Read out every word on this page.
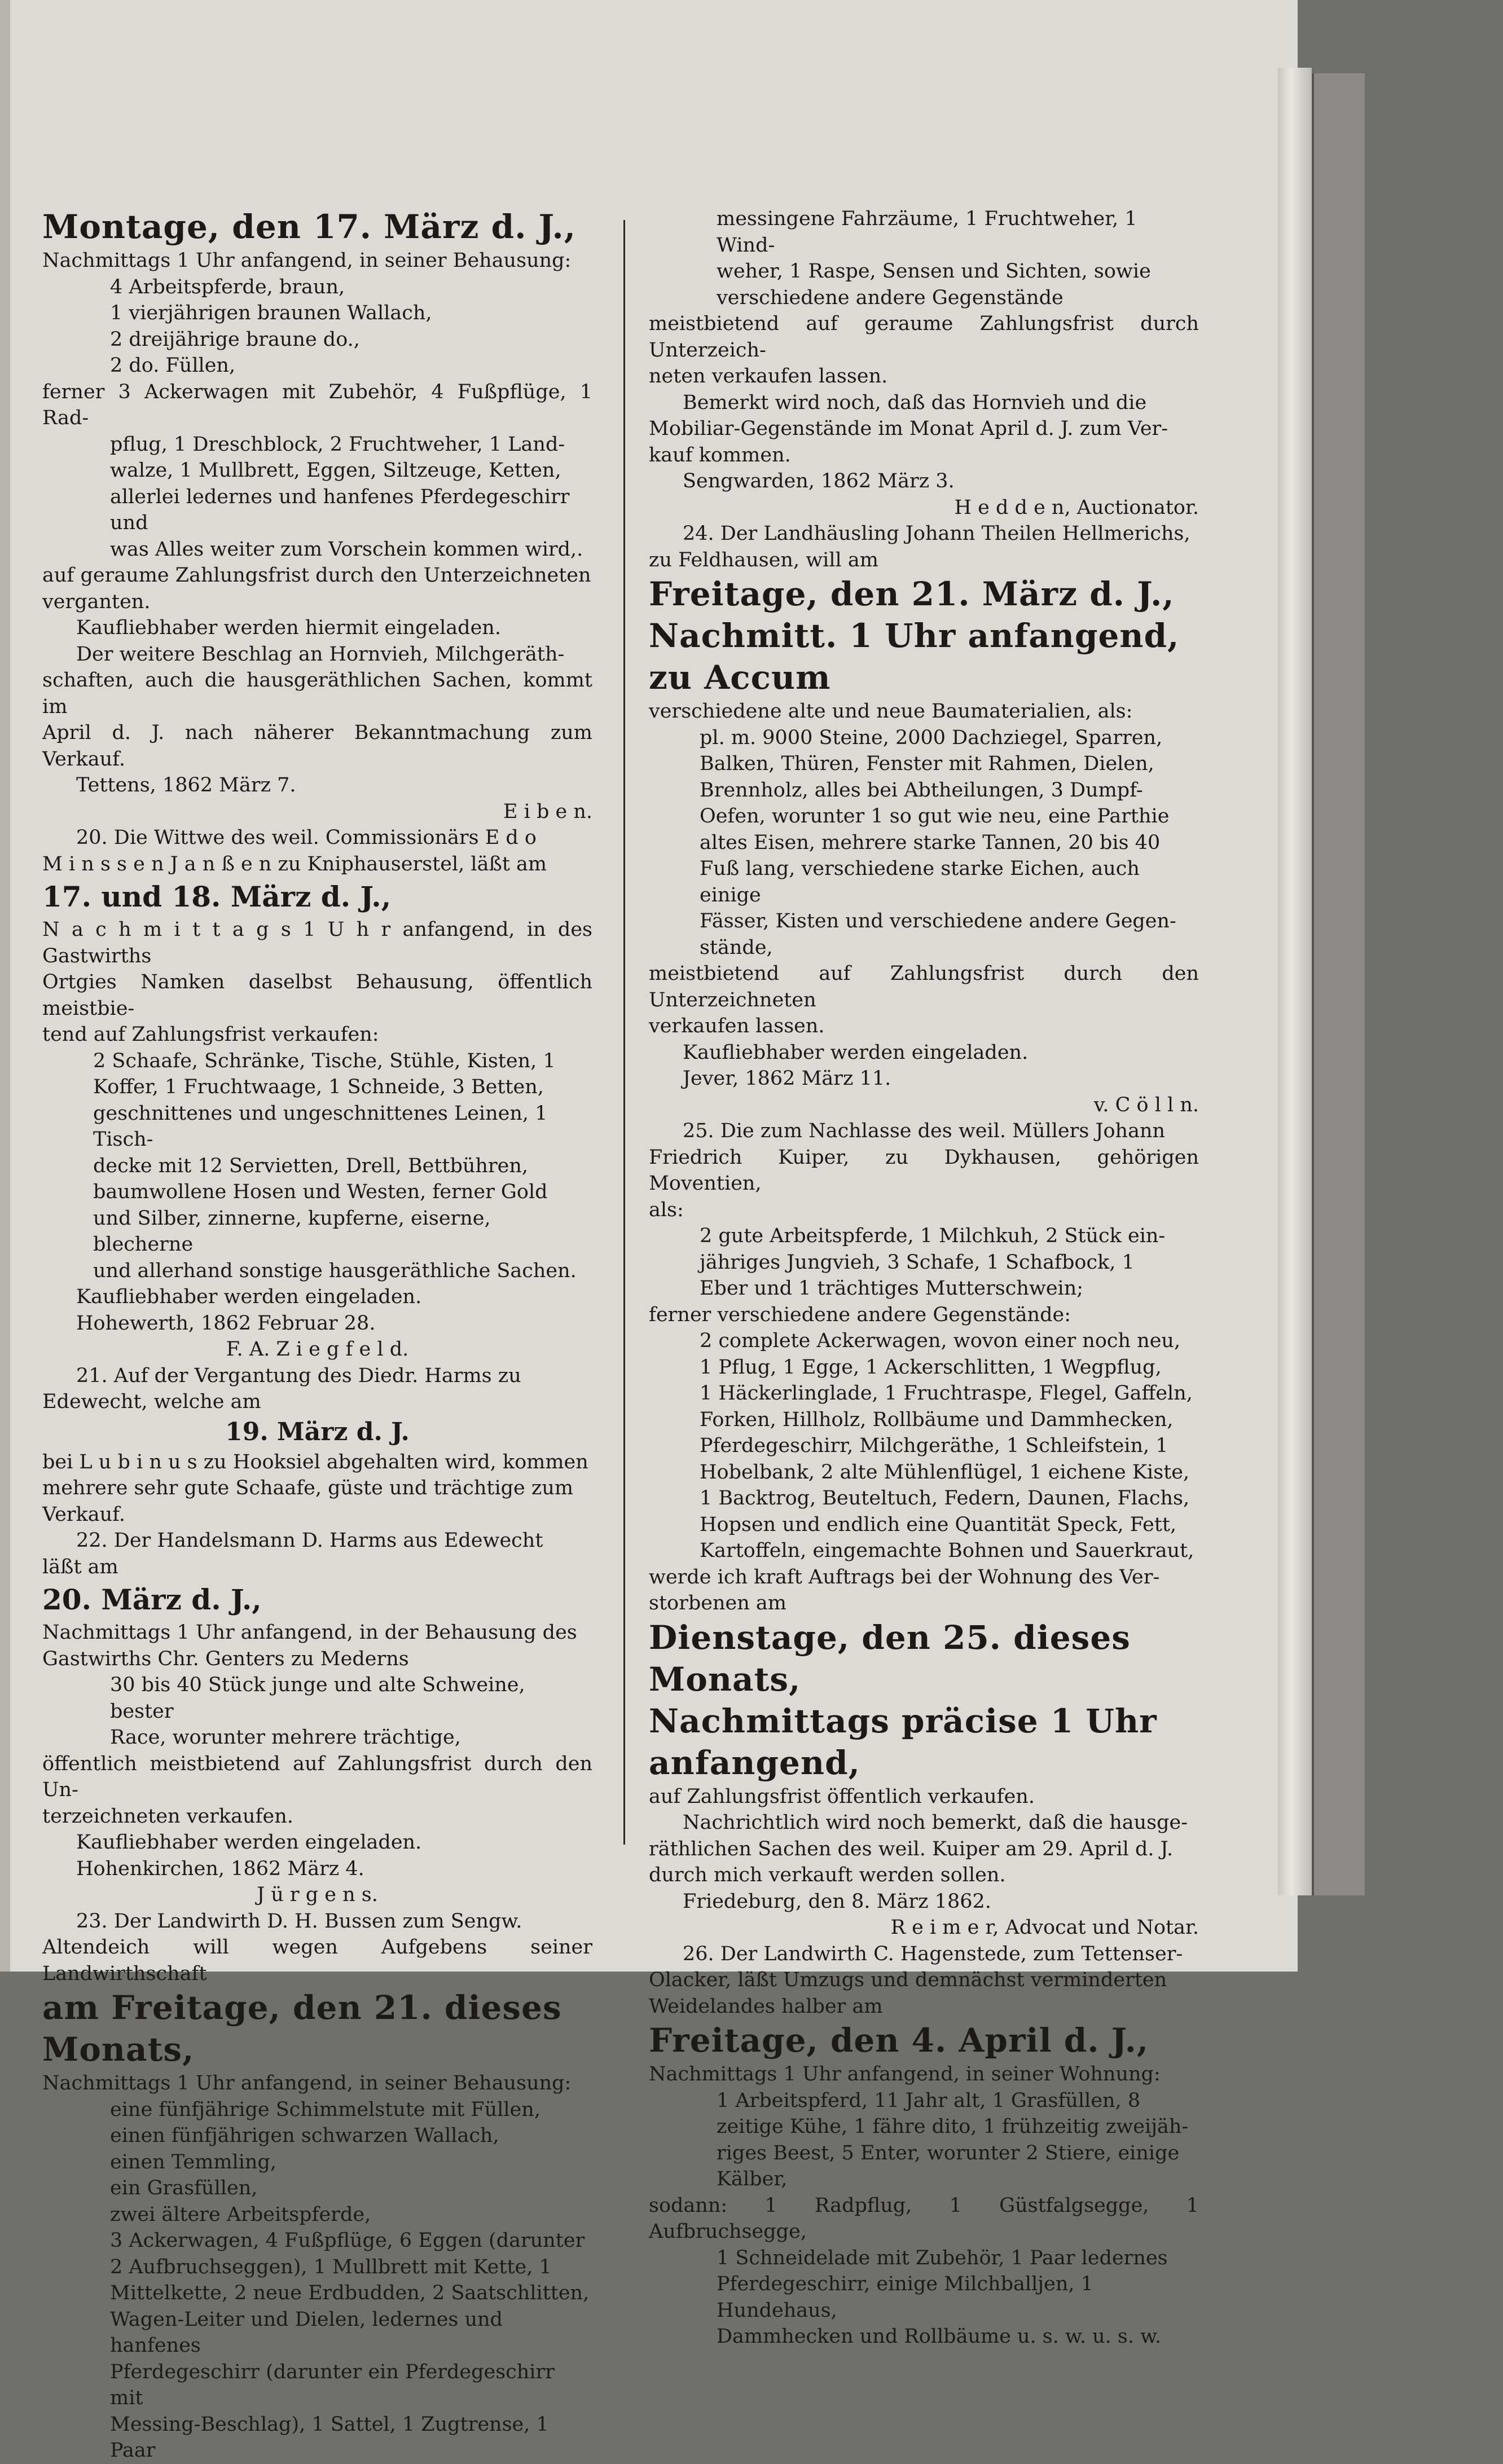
Montage, den 17. März d. J.,

Nachmittags 1 Uhr anfangend, in seiner Behausung:

4 Arbeitspferde, braun,

1 vierjährigen braunen Wallach,

2 dreijährige braune do.,

2 do. Füllen,

ferner 3 Ackerwagen mit Zubehör, 4 Fußpflüge, 1 Rad-

pflug, 1 Dreschblock, 2 Fruchtweher, 1 Land-

walze, 1 Mullbrett, Eggen, Siltzeuge, Ketten,

allerlei ledernes und hanfenes Pferdegeschirr und

was Alles weiter zum Vorschein kommen wird,.

auf geraume Zahlungsfrist durch den Unterzeichneten

verganten.

Kaufliebhaber werden hiermit eingeladen.

Der weitere Beschlag an Hornvieh, Milchgeräth-

schaften, auch die hausgeräthlichen Sachen, kommt im

April d. J. nach näherer Bekanntmachung zum Verkauf.

Tettens, 1862 März 7.

E i b e n.

20. Die Wittwe des weil. Commissionärs E d o

M i n s s e n J a n ß e n zu Kniphauserstel, läßt am

17. und 18. März d. J.,

N a c h m i t t a g s 1 U h r anfangend, in des Gastwirths

Ortgies Namken daselbst Behausung, öffentlich meistbie-

tend auf Zahlungsfrist verkaufen:

2 Schaafe, Schränke, Tische, Stühle, Kisten, 1

Koffer, 1 Fruchtwaage, 1 Schneide, 3 Betten,

geschnittenes und ungeschnittenes Leinen, 1 Tisch-

decke mit 12 Servietten, Drell, Bettbühren,

baumwollene Hosen und Westen, ferner Gold

und Silber, zinnerne, kupferne, eiserne, blecherne

und allerhand sonstige hausgeräthliche Sachen.

Kaufliebhaber werden eingeladen.

Hohewerth, 1862 Februar 28.

F. A. Z i e g f e l d.

21. Auf der Vergantung des Diedr. Harms zu

Edewecht, welche am

19. März d. J.

bei L u b i n u s zu Hooksiel abgehalten wird, kommen

mehrere sehr gute Schaafe, güste und trächtige zum

Verkauf.

22. Der Handelsmann D. Harms aus Edewecht

läßt am

20. März d. J.,

Nachmittags 1 Uhr anfangend, in der Behausung des

Gastwirths Chr. Genters zu Mederns

30 bis 40 Stück junge und alte Schweine, bester

Race, worunter mehrere trächtige,

öffentlich meistbietend auf Zahlungsfrist durch den Un-

terzeichneten verkaufen.

Kaufliebhaber werden eingeladen.

Hohenkirchen, 1862 März 4.

J ü r g e n s.

23. Der Landwirth D. H. Bussen zum Sengw.

Altendeich will wegen Aufgebens seiner Landwirthschaft

am Freitage, den 21. dieses Monats,

Nachmittags 1 Uhr anfangend, in seiner Behausung:

eine fünfjährige Schimmelstute mit Füllen,

einen fünfjährigen schwarzen Wallach,

einen Temmling,

ein Grasfüllen,

zwei ältere Arbeitspferde,

3 Ackerwagen, 4 Fußpflüge, 6 Eggen (darunter

2 Aufbruchseggen), 1 Mullbrett mit Kette, 1

Mittelkette, 2 neue Erdbudden, 2 Saatschlitten,

Wagen-Leiter und Dielen, ledernes und hanfenes

Pferdegeschirr (darunter ein Pferdegeschirr mit

Messing-Beschlag), 1 Sattel, 1 Zugtrense, 1 Paar

messingene Fahrzäume, 1 Fruchtweher, 1 Wind-

weher, 1 Raspe, Sensen und Sichten, sowie

verschiedene andere Gegenstände

meistbietend auf geraume Zahlungsfrist durch Unterzeich-

neten verkaufen lassen.

Bemerkt wird noch, daß das Hornvieh und die

Mobiliar-Gegenstände im Monat April d. J. zum Ver-

kauf kommen.

Sengwarden, 1862 März 3.

H e d d e n, Auctionator.

24. Der Landhäusling Johann Theilen Hellmerichs,

zu Feldhausen, will am

Freitage, den 21. März d. J.,

Nachmitt. 1 Uhr anfangend, zu Accum

verschiedene alte und neue Baumaterialien, als:

pl. m. 9000 Steine, 2000 Dachziegel, Sparren,

Balken, Thüren, Fenster mit Rahmen, Dielen,

Brennholz, alles bei Abtheilungen, 3 Dumpf-

Oefen, worunter 1 so gut wie neu, eine Parthie

altes Eisen, mehrere starke Tannen, 20 bis 40

Fuß lang, verschiedene starke Eichen, auch einige

Fässer, Kisten und verschiedene andere Gegen-

stände,

meistbietend auf Zahlungsfrist durch den Unterzeichneten

verkaufen lassen.

Kaufliebhaber werden eingeladen.

Jever, 1862 März 11.

v. C ö l l n.

25. Die zum Nachlasse des weil. Müllers Johann

Friedrich Kuiper, zu Dykhausen, gehörigen Moventien,

als:

2 gute Arbeitspferde, 1 Milchkuh, 2 Stück ein-

jähriges Jungvieh, 3 Schafe, 1 Schafbock, 1

Eber und 1 trächtiges Mutterschwein;

ferner verschiedene andere Gegenstände:

2 complete Ackerwagen, wovon einer noch neu,

1 Pflug, 1 Egge, 1 Ackerschlitten, 1 Wegpflug,

1 Häckerlinglade, 1 Fruchtraspe, Flegel, Gaffeln,

Forken, Hillholz, Rollbäume und Dammhecken,

Pferdegeschirr, Milchgeräthe, 1 Schleifstein, 1

Hobelbank, 2 alte Mühlenflügel, 1 eichene Kiste,

1 Backtrog, Beuteltuch, Federn, Daunen, Flachs,

Hopsen und endlich eine Quantität Speck, Fett,

Kartoffeln, eingemachte Bohnen und Sauerkraut,

werde ich kraft Auftrags bei der Wohnung des Ver-

storbenen am

Dienstage, den 25. dieses Monats,

Nachmittags präcise 1 Uhr anfangend,

auf Zahlungsfrist öffentlich verkaufen.

Nachrichtlich wird noch bemerkt, daß die hausge-

räthlichen Sachen des weil. Kuiper am 29. April d. J.

durch mich verkauft werden sollen.

Friedeburg, den 8. März 1862.

R e i m e r, Advocat und Notar.

26. Der Landwirth C. Hagenstede, zum Tettenser-

Olacker, läßt Umzugs und demnächst verminderten

Weidelandes halber am

Freitage, den 4. April d. J.,

Nachmittags 1 Uhr anfangend, in seiner Wohnung:

1 Arbeitspferd, 11 Jahr alt, 1 Grasfüllen, 8

zeitige Kühe, 1 fähre dito, 1 frühzeitig zweijäh-

riges Beest, 5 Enter, worunter 2 Stiere, einige

Kälber,

sodann: 1 Radpflug, 1 Güstfalgsegge, 1 Aufbruchsegge,

1 Schneidelade mit Zubehör, 1 Paar ledernes

Pferdegeschirr, einige Milchballjen, 1 Hundehaus,

Dammhecken und Rollbäume u. s. w. u. s. w.
